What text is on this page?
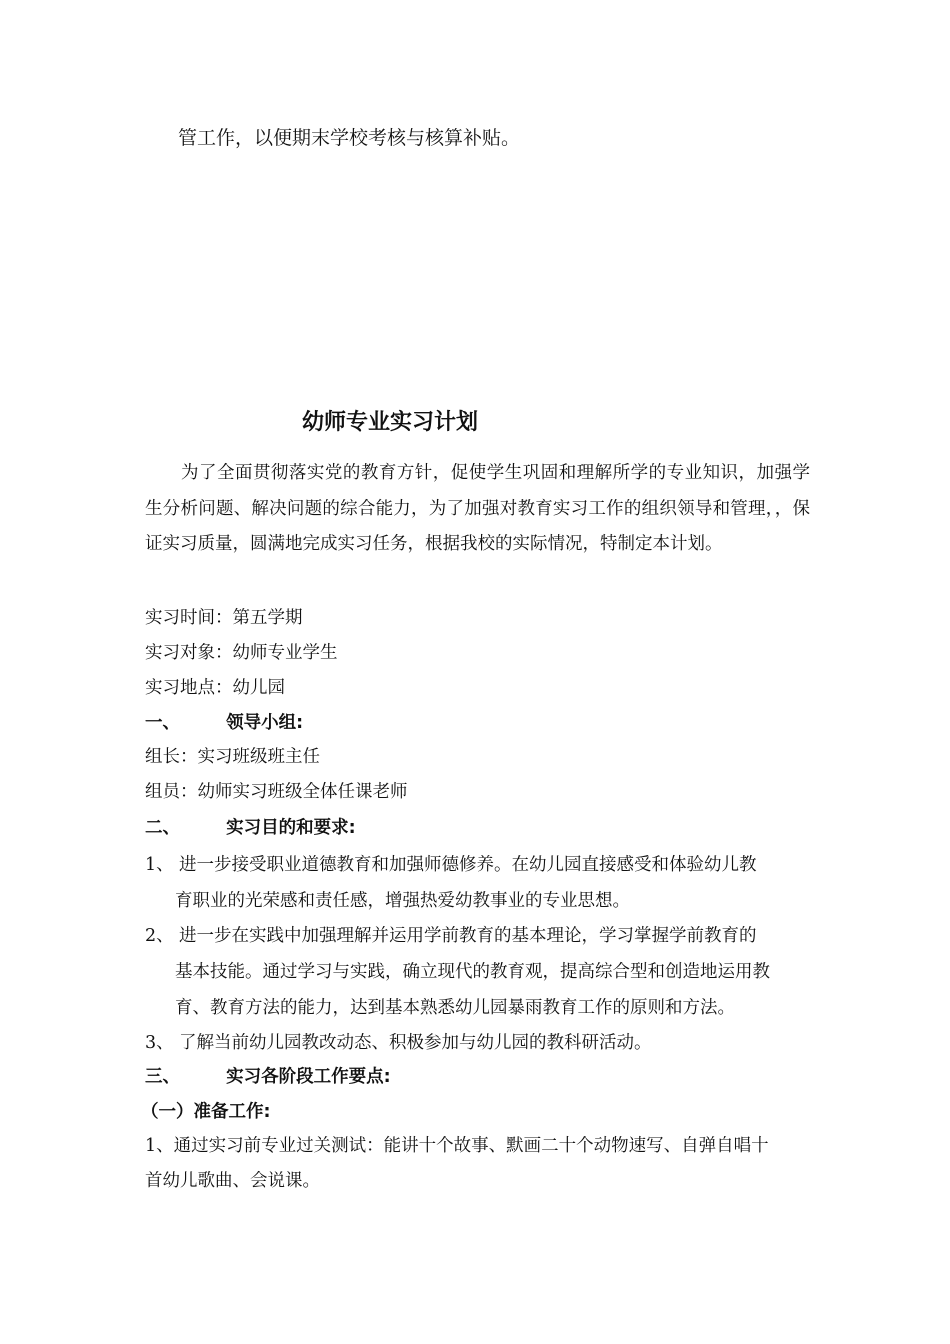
管工作，以便期末学校考核与核算补贴。
幼师专业实习计划
为了全面贯彻落实党的教育方针，促使学生巩固和理解所学的专业知识，加强学生分析问题、解决问题的综合能力，为了加强对教育实习工作的组织领导和管理，，保证实习质量，圆满地完成实习任务，根据我校的实际情况，特制定本计划。
实习时间：第五学期
实习对象：幼师专业学生
实习地点：幼儿园
一、	领导小组:
组长：实习班级班主任
组员：幼师实习班级全体任课老师
二、	实习目的和要求:
1、 进一步接受职业道德教育和加强师德修养。在幼儿园直接感受和体验幼儿教
育职业的光荣感和责任感，增强热爱幼教事业的专业思想。
2、 进一步在实践中加强理解并运用学前教育的基本理论，学习掌握学前教育的
基本技能。通过学习与实践，确立现代的教育观，提高综合型和创造地运用教
育、教育方法的能力，达到基本熟悉幼儿园暴雨教育工作的原则和方法。
3、 了解当前幼儿园教改动态、积极参加与幼儿园的教科研活动。
三、	实习各阶段工作要点:
（一）准备工作:
1、通过实习前专业过关测试：能讲十个故事、默画二十个动物速写、自弹自唱十
首幼儿歌曲、会说课。
